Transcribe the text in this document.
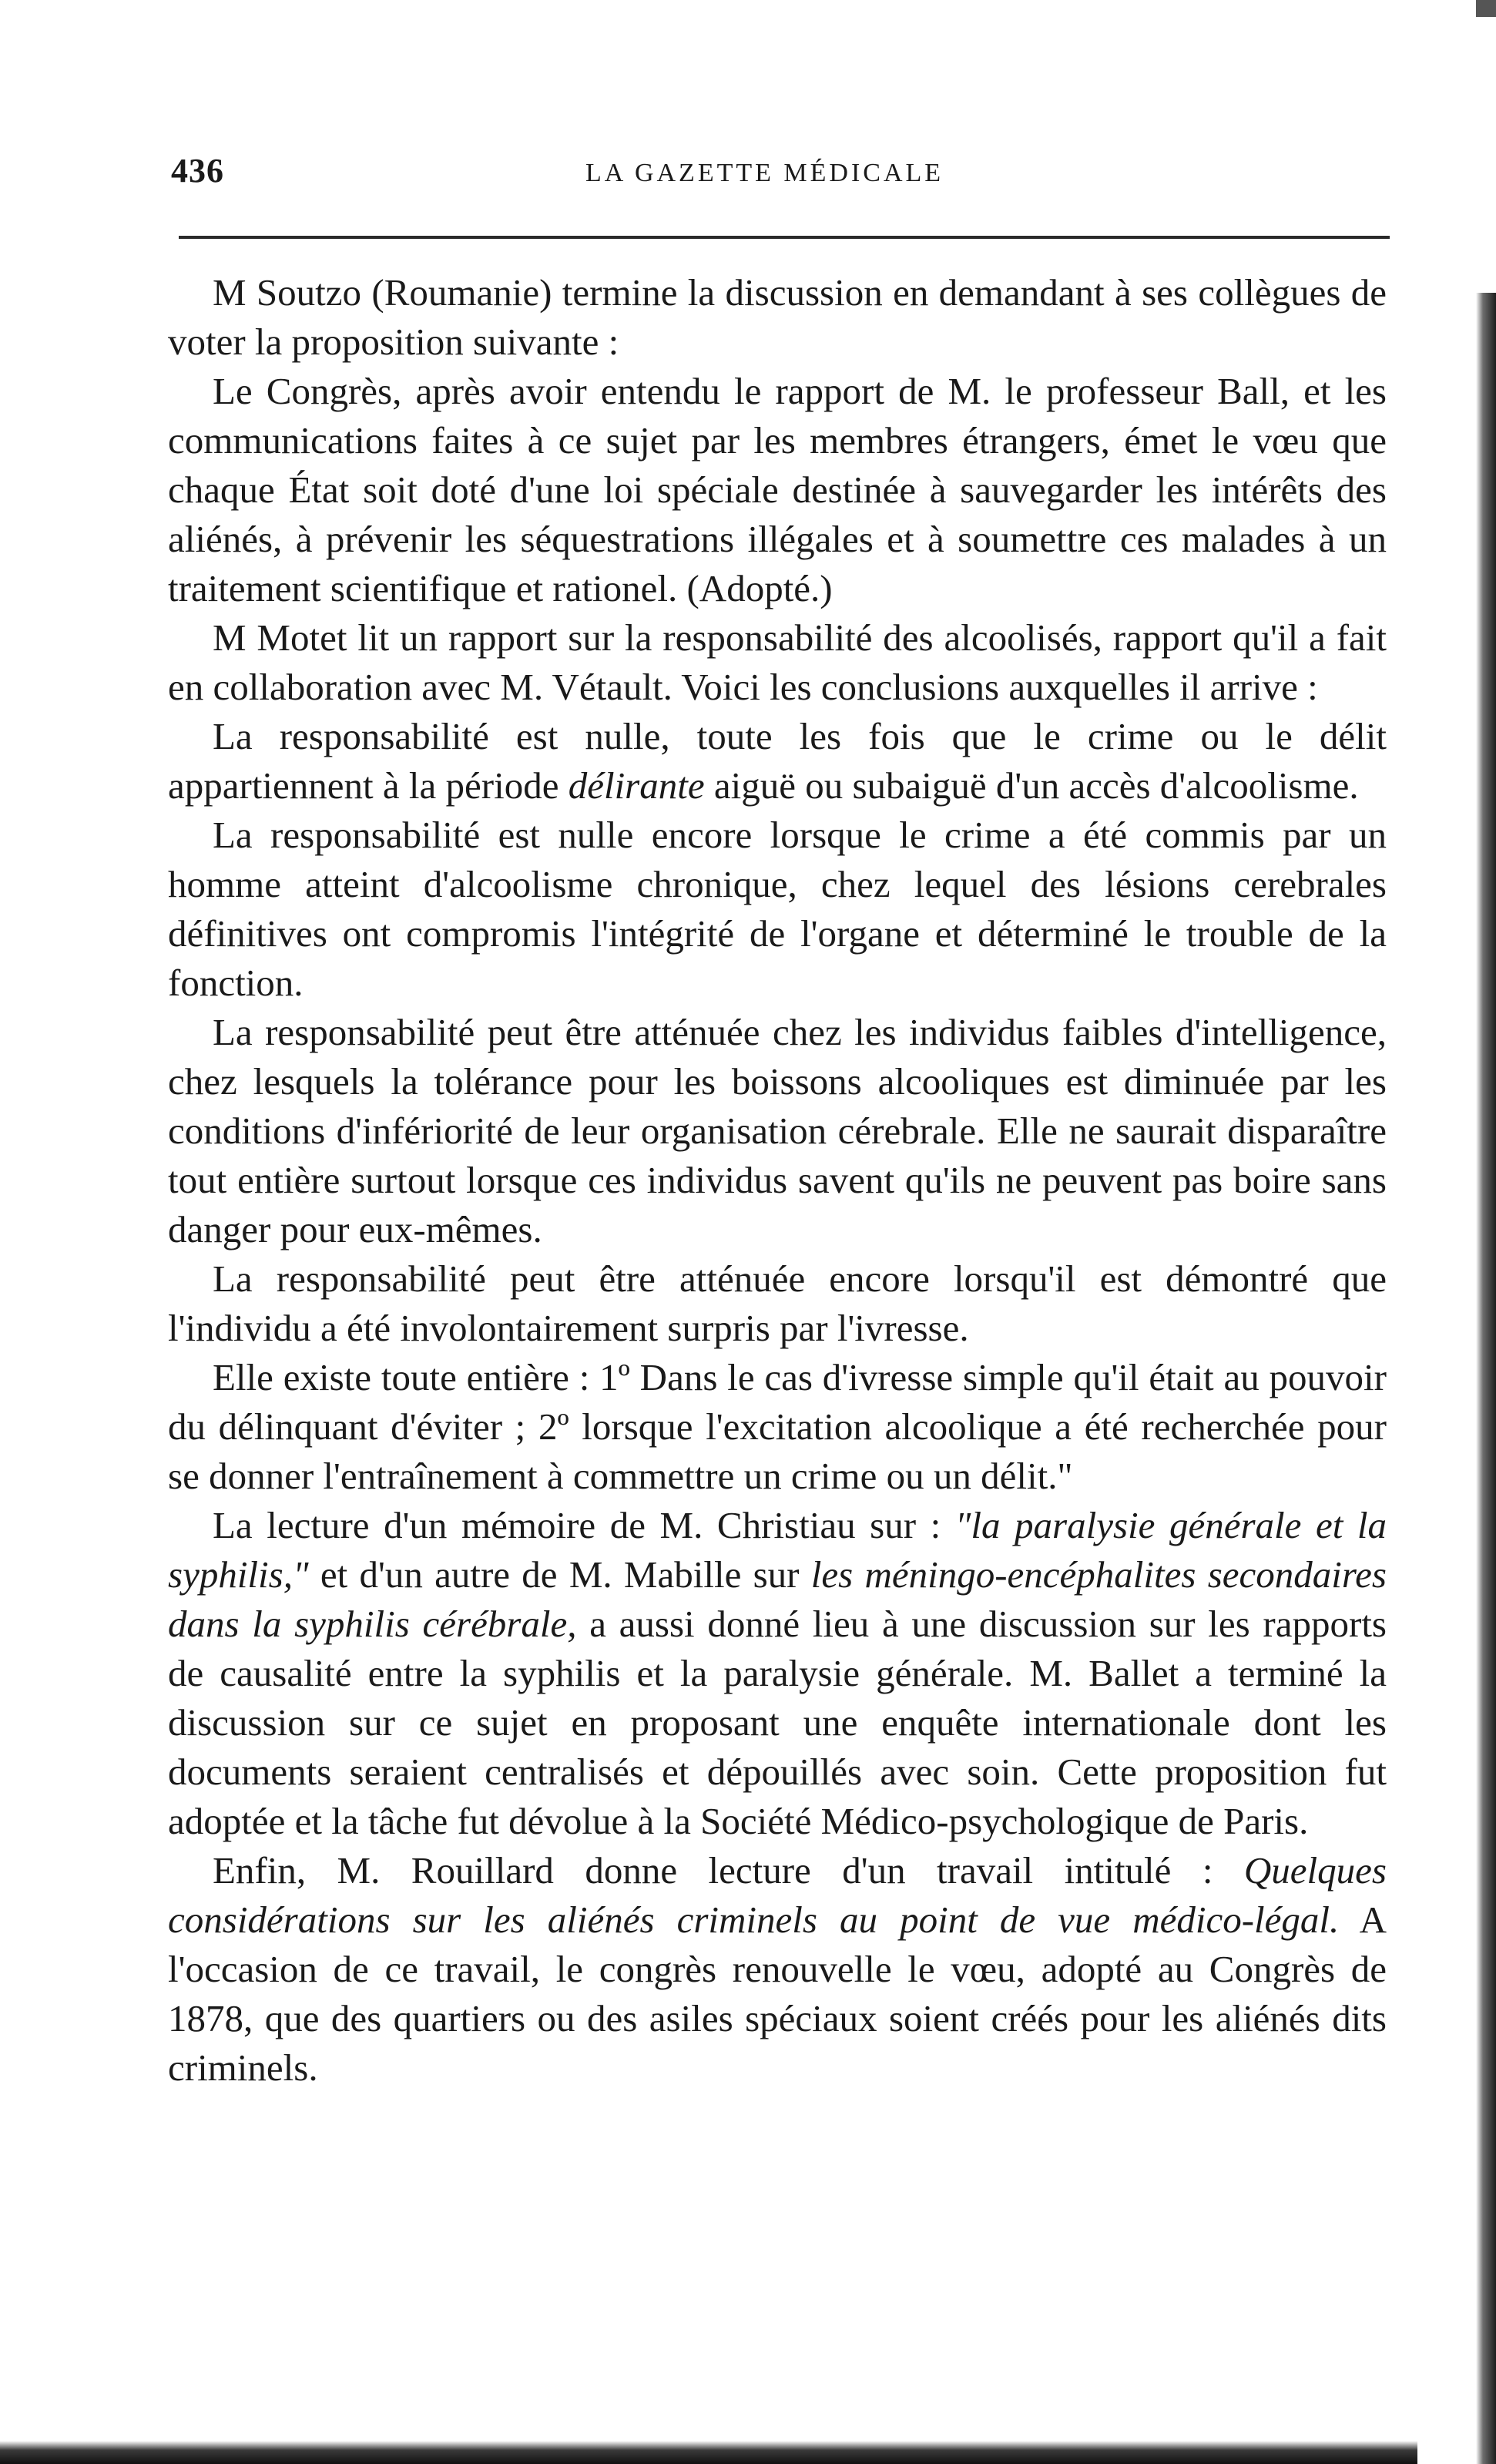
436	LA GAZETTE MÉDICALE

M Soutzo (Roumanie) termine la discussion en demandant à ses collègues de voter la proposition suivante :

Le Congrès, après avoir entendu le rapport de M. le professeur Ball, et les communications faites à ce sujet par les membres étrangers, émet le vœu que chaque État soit doté d'une loi spéciale destinée à sauvegarder les intérêts des aliénés, à prévenir les séquestrations illégales et à soumettre ces malades à un traitement scientifique et rationel. (Adopté.)

M Motet lit un rapport sur la responsabilité des alcoolisés, rapport qu'il a fait en collaboration avec M. Vétault. Voici les conclusions auxquelles il arrive :

La responsabilité est nulle, toute les fois que le crime ou le délit appartiennent à la période délirante aiguë ou subaiguë d'un accès d'alcoolisme.

La responsabilité est nulle encore lorsque le crime a été commis par un homme atteint d'alcoolisme chronique, chez lequel des lésions cerebrales définitives ont compromis l'intégrité de l'organe et déterminé le trouble de la fonction.

La responsabilité peut être atténuée chez les individus faibles d'intelligence, chez lesquels la tolérance pour les boissons alcooliques est diminuée par les conditions d'infériorité de leur organisation cérebrale. Elle ne saurait disparaître tout entière surtout lorsque ces individus savent qu'ils ne peuvent pas boire sans danger pour eux-mêmes.

La responsabilité peut être atténuée encore lorsqu'il est démontré que l'individu a été involontairement surpris par l'ivresse.

Elle existe toute entière : 1º Dans le cas d'ivresse simple qu'il était au pouvoir du délinquant d'éviter ; 2º lorsque l'excitation alcoolique a été recherchée pour se donner l'entraînement à commettre un crime ou un délit."

La lecture d'un mémoire de M. Christiau sur : "la paralysie générale et la syphilis," et d'un autre de M. Mabille sur les méningo-encéphalites secondaires dans la syphilis cérébrale, a aussi donné lieu à une discussion sur les rapports de causalité entre la syphilis et la paralysie générale. M. Ballet a terminé la discussion sur ce sujet en proposant une enquête internationale dont les documents seraient centralisés et dépouillés avec soin. Cette proposition fut adoptée et la tâche fut dévolue à la Société Médico-psychologique de Paris.

Enfin, M. Rouillard donne lecture d'un travail intitulé : Quelques considérations sur les aliénés criminels au point de vue médico-légal. A l'occasion de ce travail, le congrès renouvelle le vœu, adopté au Congrès de 1878, que des quartiers ou des asiles spéciaux soient créés pour les aliénés dits criminels.
